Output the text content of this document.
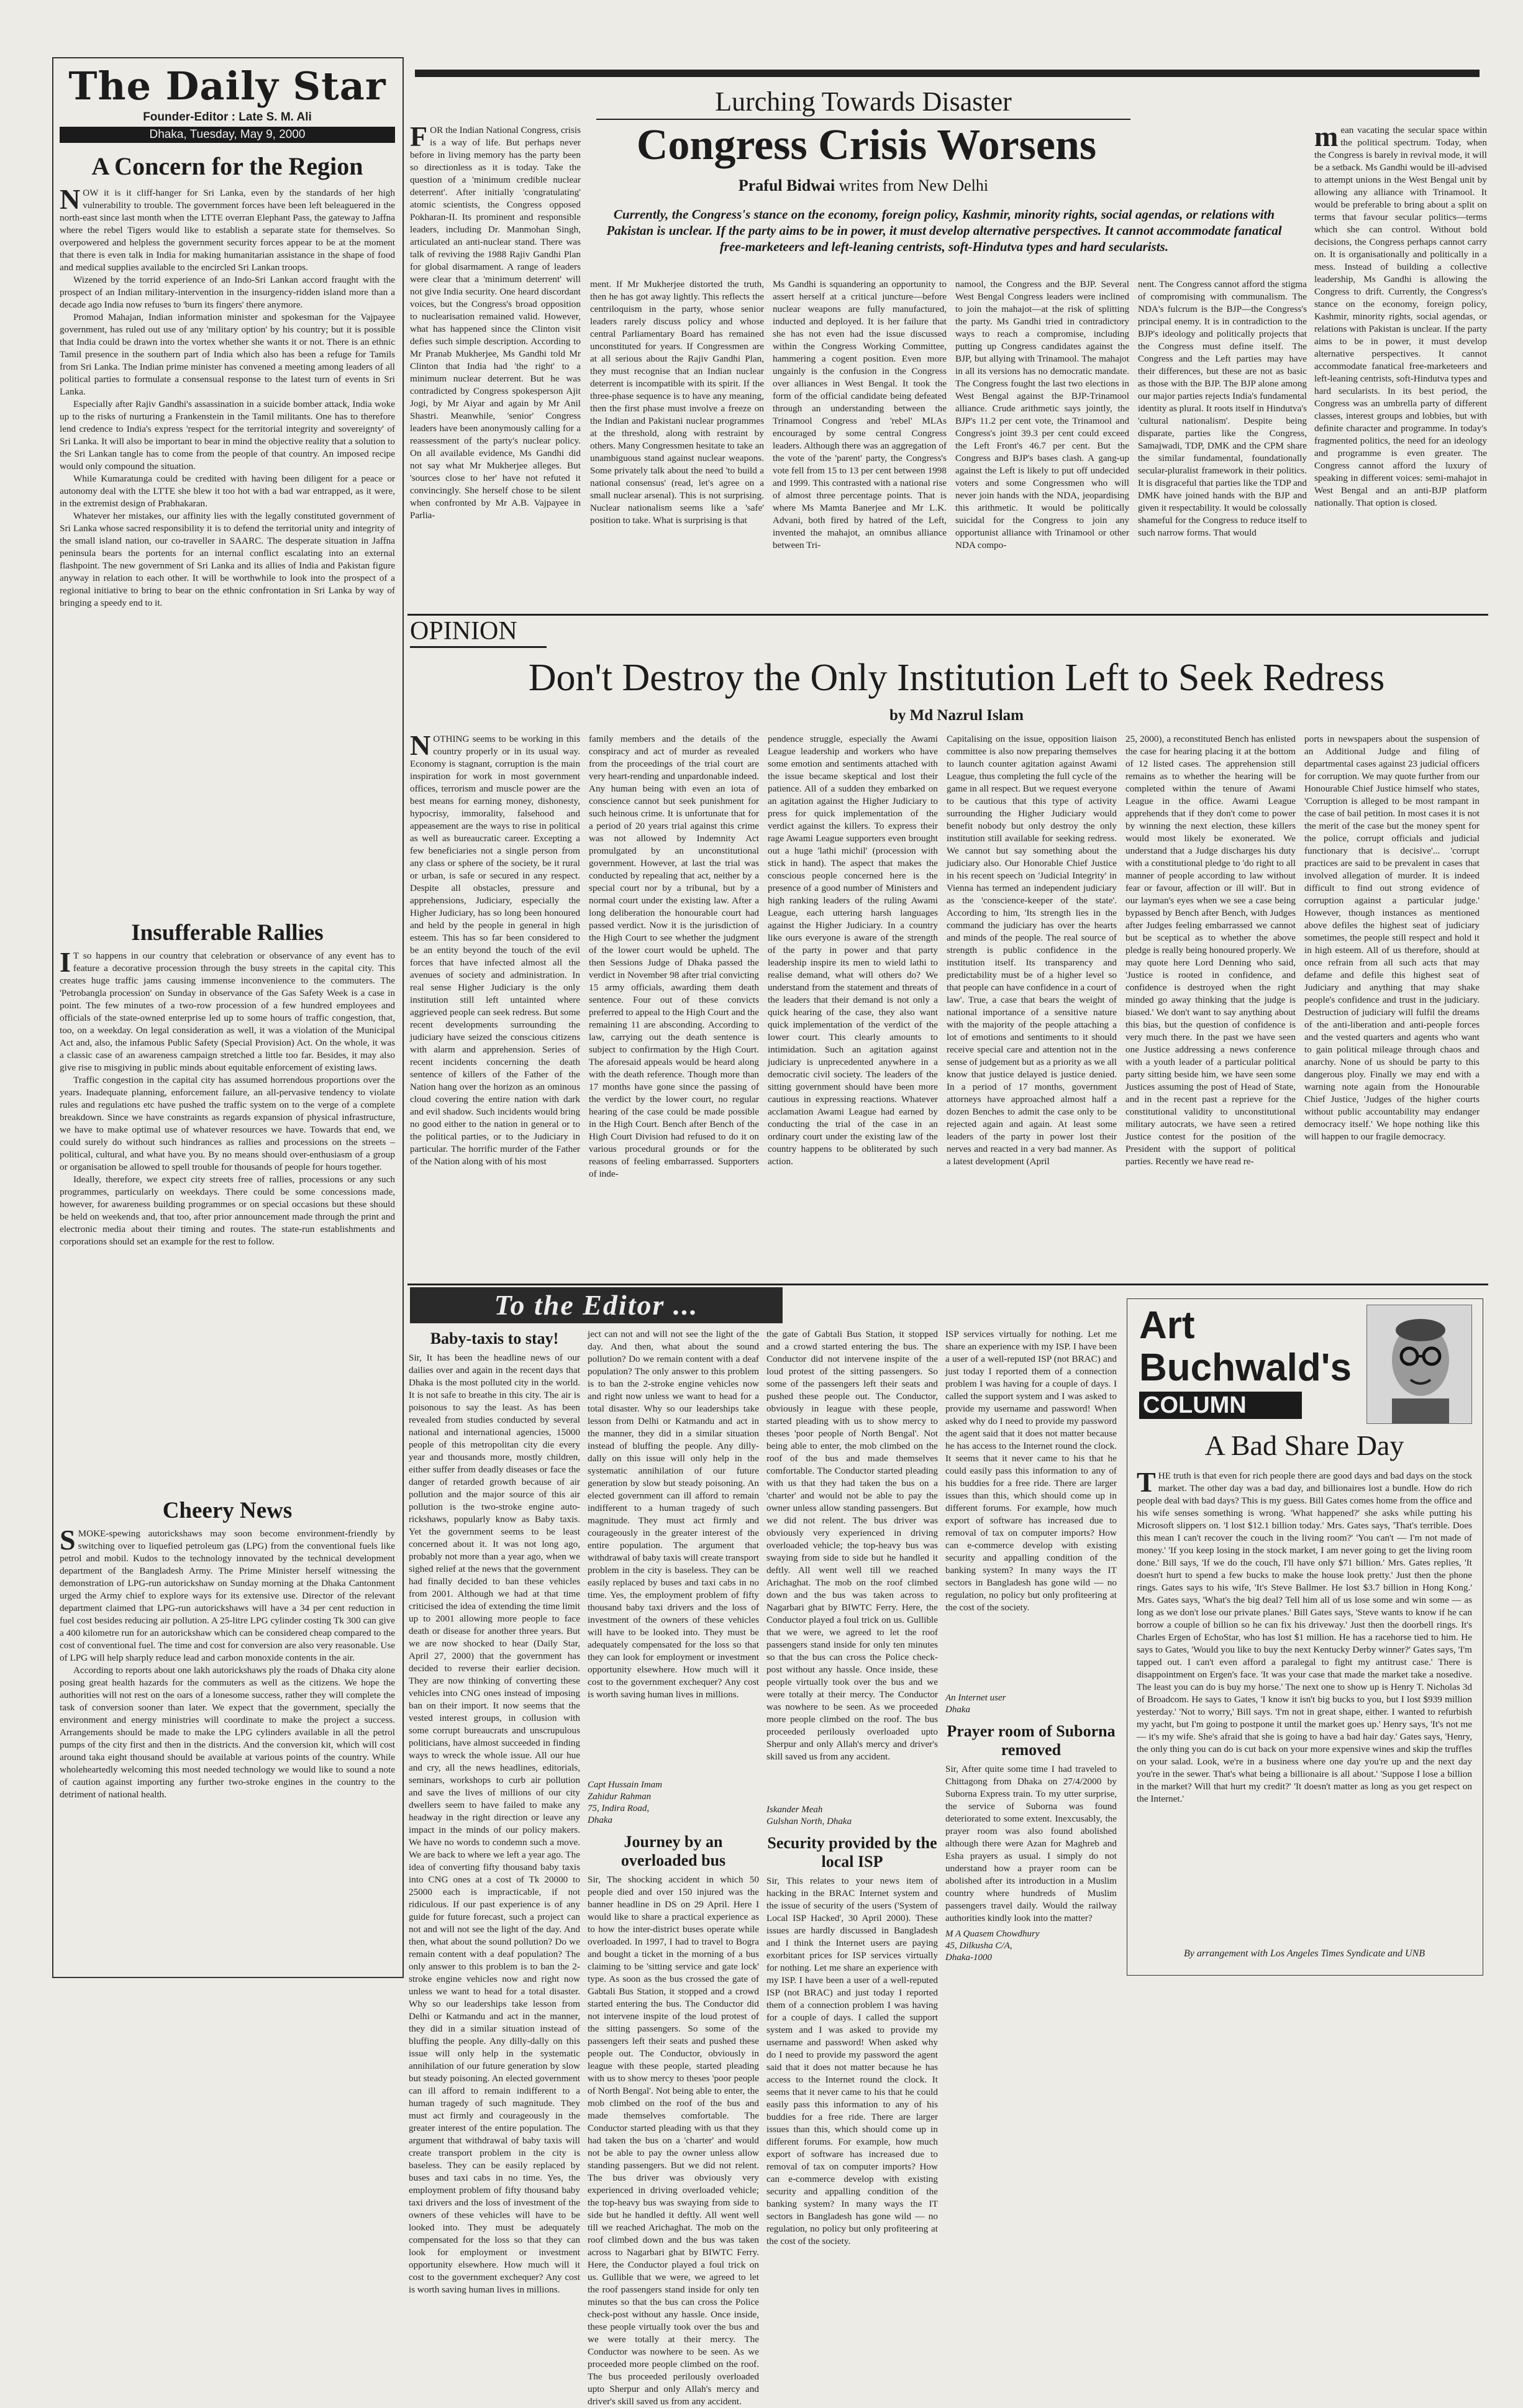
The Daily Star
Founder-Editor : Late S. M. Ali
Dhaka, Tuesday, May 9, 2000
A Concern for the Region

NOW it is it cliff-hanger for Sri Lanka, even by the standards of her high vulnerability to trouble. The government forces have been left beleaguered in the north-east since last month when the LTTE overran Elephant Pass, the gateway to Jaffna where the rebel Tigers would like to establish a separate state for themselves. So overpowered and helpless the government security forces appear to be at the moment that there is even talk in India for making humanitarian assistance in the shape of food and medical supplies available to the encircled Sri Lankan troops.

Wizened by the torrid experience of an Indo-Sri Lankan accord fraught with the prospect of an Indian military-intervention in the insurgency-ridden island more than a decade ago India now refuses to 'burn its fingers' there anymore.

Promod Mahajan, Indian information minister and spokesman for the Vajpayee government, has ruled out use of any 'military option' by his country; but it is possible that India could be drawn into the vortex whether she wants it or not. There is an ethnic Tamil presence in the southern part of India which also has been a refuge for Tamils from Sri Lanka. The Indian prime minister has convened a meeting among leaders of all political parties to formulate a consensual response to the latest turn of events in Sri Lanka.

Especially after Rajiv Gandhi's assassination in a suicide bomber attack, India woke up to the risks of nurturing a Frankenstein in the Tamil militants. One has to therefore lend credence to India's express 'respect for the territorial integrity and sovereignty' of Sri Lanka. It will also be important to bear in mind the objective reality that a solution to the Sri Lankan tangle has to come from the people of that country. An imposed recipe would only compound the situation.

While Kumaratunga could be credited with having been diligent for a peace or autonomy deal with the LTTE she blew it too hot with a bad war entrapped, as it were, in the extremist design of Prabhakaran.

Whatever her mistakes, our affinity lies with the legally constituted government of Sri Lanka whose sacred responsibility it is to defend the territorial unity and integrity of the small island nation, our co-traveller in SAARC. The desperate situation in Jaffna peninsula bears the portents for an internal conflict escalating into an external flashpoint. The new government of Sri Lanka and its allies of India and Pakistan figure anyway in relation to each other. It will be worthwhile to look into the prospect of a regional initiative to bring to bear on the ethnic confrontation in Sri Lanka by way of bringing a speedy end to it.

Insufferable Rallies

IT so happens in our country that celebration or observance of any event has to feature a decorative procession through the busy streets in the capital city. This creates huge traffic jams causing immense inconvenience to the commuters. The 'Petrobangla procession' on Sunday in observance of the Gas Safety Week is a case in point. The few minutes of a two-row procession of a few hundred employees and officials of the state-owned enterprise led up to some hours of traffic congestion, that, too, on a weekday. On legal consideration as well, it was a violation of the Municipal Act and, also, the infamous Public Safety (Special Provision) Act. On the whole, it was a classic case of an awareness campaign stretched a little too far. Besides, it may also give rise to misgiving in public minds about equitable enforcement of existing laws.

Traffic congestion in the capital city has assumed horrendous proportions over the years. Inadequate planning, enforcement failure, an all-pervasive tendency to violate rules and regulations etc have pushed the traffic system on to the verge of a complete breakdown. Since we have constraints as regards expansion of physical infrastructure, we have to make optimal use of whatever resources we have. Towards that end, we could surely do without such hindrances as rallies and processions on the streets – political, cultural, and what have you. By no means should over-enthusiasm of a group or organisation be allowed to spell trouble for thousands of people for hours together.

Ideally, therefore, we expect city streets free of rallies, processions or any such programmes, particularly on weekdays. There could be some concessions made, however, for awareness building programmes or on special occasions but these should be held on weekends and, that too, after prior announcement made through the print and electronic media about their timing and routes. The state-run establishments and corporations should set an example for the rest to follow.

Cheery News

SMOKE-spewing autorickshaws may soon become environment-friendly by switching over to liquefied petroleum gas (LPG) from the conventional fuels like petrol and mobil. Kudos to the technology innovated by the technical development department of the Bangladesh Army. The Prime Minister herself witnessing the demonstration of LPG-run autorickshaw on Sunday morning at the Dhaka Cantonment urged the Army chief to explore ways for its extensive use. Director of the relevant department claimed that LPG-run autorickshaws will have a 34 per cent reduction in fuel cost besides reducing air pollution. A 25-litre LPG cylinder costing Tk 300 can give a 400 kilometre run for an autorickshaw which can be considered cheap compared to the cost of conventional fuel. The time and cost for conversion are also very reasonable. Use of LPG will help sharply reduce lead and carbon monoxide contents in the air.

According to reports about one lakh autorickshaws ply the roads of Dhaka city alone posing great health hazards for the commuters as well as the citizens. We hope the authorities will not rest on the oars of a lonesome success, rather they will complete the task of conversion sooner than later. We expect that the government, specially the environment and energy ministries will coordinate to make the project a success. Arrangements should be made to make the LPG cylinders available in all the petrol pumps of the city first and then in the districts. And the conversion kit, which will cost around taka eight thousand should be available at various points of the country. While wholeheartedly welcoming this most needed technology we would like to sound a note of caution against importing any further two-stroke engines in the country to the detriment of national health.

Lurching Towards Disaster
Congress Crisis Worsens
Praful Bidwai writes from New Delhi
Currently, the Congress's stance on the economy, foreign policy, Kashmir, minority rights, social agendas, or relations with Pakistan is unclear. If the party aims to be in power, it must develop alternative perspectives. It cannot accommodate fanatical free-marketeers and left-leaning centrists, soft-Hindutva types and hard secularists.

FOR the Indian National Congress, crisis is a way of life. But perhaps never before in living memory has the party been so directionless as it is today. Take the question of a 'minimum credible nuclear deterrent'. After initially 'congratulating' atomic scientists, the Congress opposed Pokharan-II. Its prominent and responsible leaders, including Dr. Manmohan Singh, articulated an anti-nuclear stand. There was talk of reviving the 1988 Rajiv Gandhi Plan for global disarmament. A range of leaders were clear that a 'minimum deterrent' will not give India security. One heard discordant voices, but the Congress's broad opposition to nuclearisation remained valid. However, what has happened since the Clinton visit defies such simple description. According to Mr Pranab Mukherjee, Ms Gandhi told Mr Clinton that India had 'the right' to a minimum nuclear deterrent. But he was contradicted by Congress spokesperson Ajit Jogi, by Mr Aiyar and again by Mr Anil Shastri. Meanwhile, 'senior' Congress leaders have been anonymously calling for a reassessment of the party's nuclear policy. On all available evidence, Ms Gandhi did not say what Mr Mukherjee alleges. But 'sources close to her' have not refuted it convincingly. She herself chose to be silent when confronted by Mr A.B. Vajpayee in Parlia-

mean vacating the secular space within the political spectrum. Today, when the Congress is barely in revival mode, it will be a setback. Ms Gandhi would be ill-advised to attempt unions in the West Bengal unit by allowing any alliance with Trinamool. It would be preferable to bring about a split on terms that favour secular politics—terms which she can control. Without bold decisions, the Congress perhaps cannot carry on. It is organisationally and politically in a mess. Instead of building a collective leadership, Ms Gandhi is allowing the Congress to drift. Currently, the Congress's stance on the economy, foreign policy, Kashmir, minority rights, social agendas, or relations with Pakistan is unclear. If the party aims to be in power, it must develop alternative perspectives. It cannot accommodate fanatical free-marketeers and left-leaning centrists, soft-Hindutva types and hard secularists. In its best period, the Congress was an umbrella party of different classes, interest groups and lobbies, but with definite character and programme. In today's fragmented politics, the need for an ideology and programme is even greater. The Congress cannot afford the luxury of speaking in different voices: semi-mahajot in West Bengal and an anti-BJP platform nationally. That option is closed.

ment. If Mr Mukherjee distorted the truth, then he has got away lightly. This reflects the centriloquism in the party, whose senior leaders rarely discuss policy and whose central Parliamentary Board has remained unconstituted for years. If Congressmen are at all serious about the Rajiv Gandhi Plan, they must recognise that an Indian nuclear deterrent is incompatible with its spirit. If the three-phase sequence is to have any meaning, then the first phase must involve a freeze on the Indian and Pakistani nuclear programmes at the threshold, along with restraint by others. Many Congressmen hesitate to take an unambiguous stand against nuclear weapons. Some privately talk about the need 'to build a national consensus' (read, let's agree on a small nuclear arsenal). This is not surprising. Nuclear nationalism seems like a 'safe' position to take. What is surprising is that

Ms Gandhi is squandering an opportunity to assert herself at a critical juncture—before nuclear weapons are fully manufactured, inducted and deployed. It is her failure that she has not even had the issue discussed within the Congress Working Committee, hammering a cogent position. Even more ungainly is the confusion in the Congress over alliances in West Bengal. It took the form of the official candidate being defeated through an understanding between the Trinamool Congress and 'rebel' MLAs encouraged by some central Congress leaders. Although there was an aggregation of the vote of the 'parent' party, the Congress's vote fell from 15 to 13 per cent between 1998 and 1999. This contrasted with a national rise of almost three percentage points. That is where Ms Mamta Banerjee and Mr L.K. Advani, both fired by hatred of the Left, invented the mahajot, an omnibus alliance between Tri-

namool, the Congress and the BJP. Several West Bengal Congress leaders were inclined to join the mahajot—at the risk of splitting the party. Ms Gandhi tried in contradictory ways to reach a compromise, including putting up Congress candidates against the BJP, but allying with Trinamool. The mahajot in all its versions has no democratic mandate. The Congress fought the last two elections in West Bengal against the BJP-Trinamool alliance. Crude arithmetic says jointly, the BJP's 11.2 per cent vote, the Trinamool and Congress's joint 39.3 per cent could exceed the Left Front's 46.7 per cent. But the Congress and BJP's bases clash. A gang-up against the Left is likely to put off undecided voters and some Congressmen who will never join hands with the NDA, jeopardising this arithmetic. It would be politically suicidal for the Congress to join any opportunist alliance with Trinamool or other NDA compo-

nent. The Congress cannot afford the stigma of compromising with communalism. The NDA's fulcrum is the BJP—the Congress's principal enemy. It is in contradiction to the BJP's ideology and politically projects that the Congress must define itself. The Congress and the Left parties may have their differences, but these are not as basic as those with the BJP. The BJP alone among our major parties rejects India's fundamental identity as plural. It roots itself in Hindutva's 'cultural nationalism'. Despite being disparate, parties like the Congress, Samajwadi, TDP, DMK and the CPM share the similar fundamental, foundationally secular-pluralist framework in their politics. It is disgraceful that parties like the TDP and DMK have joined hands with the BJP and given it respectability. It would be colossally shameful for the Congress to reduce itself to such narrow forms. That would

OPINION
Don't Destroy the Only Institution Left to Seek Redress
by Md Nazrul Islam

NOTHING seems to be working in this country properly or in its usual way. Economy is stagnant, corruption is the main inspiration for work in most government offices, terrorism and muscle power are the best means for earning money, dishonesty, hypocrisy, immorality, falsehood and appeasement are the ways to rise in political as well as bureaucratic career. Excepting a few beneficiaries not a single person from any class or sphere of the society, be it rural or urban, is safe or secured in any respect. Despite all obstacles, pressure and apprehensions, Judiciary, especially the Higher Judiciary, has so long been honoured and held by the people in general in high esteem. This has so far been considered to be an entity beyond the touch of the evil forces that have infected almost all the avenues of society and administration. In real sense Higher Judiciary is the only institution still left untainted where aggrieved people can seek redress. But some recent developments surrounding the judiciary have seized the conscious citizens with alarm and apprehension. Series of recent incidents concerning the death sentence of killers of the Father of the Nation hang over the horizon as an ominous cloud covering the entire nation with dark and evil shadow. Such incidents would bring no good either to the nation in general or to the political parties, or to the Judiciary in particular. The horrific murder of the Father of the Nation along with of his most

family members and the details of the conspiracy and act of murder as revealed from the proceedings of the trial court are very heart-rending and unpardonable indeed. Any human being with even an iota of conscience cannot but seek punishment for such heinous crime. It is unfortunate that for a period of 20 years trial against this crime was not allowed by Indemnity Act promulgated by an unconstitutional government. However, at last the trial was conducted by repealing that act, neither by a special court nor by a tribunal, but by a normal court under the existing law. After a long deliberation the honourable court had passed verdict. Now it is the jurisdiction of the High Court to see whether the judgment of the lower court would be upheld. The then Sessions Judge of Dhaka passed the verdict in November 98 after trial convicting 15 army officials, awarding them death sentence. Four out of these convicts preferred to appeal to the High Court and the remaining 11 are absconding. According to law, carrying out the death sentence is subject to confirmation by the High Court. The aforesaid appeals would be heard along with the death reference. Though more than 17 months have gone since the passing of the verdict by the lower court, no regular hearing of the case could be made possible in the High Court. Bench after Bench of the High Court Division had refused to do it on various procedural grounds or for the reasons of feeling embarrassed. Supporters of inde-

pendence struggle, especially the Awami League leadership and workers who have some emotion and sentiments attached with the issue became skeptical and lost their patience. All of a sudden they embarked on an agitation against the Higher Judiciary to press for quick implementation of the verdict against the killers. To express their rage Awami League supporters even brought out a huge 'lathi michil' (procession with stick in hand). The aspect that makes the conscious people concerned here is the presence of a good number of Ministers and high ranking leaders of the ruling Awami League, each uttering harsh languages against the Higher Judiciary. In a country like ours everyone is aware of the strength of the party in power and that party leadership inspire its men to wield lathi to realise demand, what will others do? We understand from the statement and threats of the leaders that their demand is not only a quick hearing of the case, they also want quick implementation of the verdict of the lower court. This clearly amounts to intimidation. Such an agitation against judiciary is unprecedented anywhere in a democratic civil society. The leaders of the sitting government should have been more cautious in expressing reactions. Whatever acclamation Awami League had earned by conducting the trial of the case in an ordinary court under the existing law of the country happens to be obliterated by such action.

Capitalising on the issue, opposition liaison committee is also now preparing themselves to launch counter agitation against Awami League, thus completing the full cycle of the game in all respect. But we request everyone to be cautious that this type of activity surrounding the Higher Judiciary would benefit nobody but only destroy the only institution still available for seeking redress. We cannot but say something about the judiciary also. Our Honorable Chief Justice in his recent speech on 'Judicial Integrity' in Vienna has termed an independent judiciary as the 'conscience-keeper of the state'. According to him, 'Its strength lies in the command the judiciary has over the hearts and minds of the people. The real source of strength is public confidence in the institution itself. Its transparency and predictability must be of a higher level so that people can have confidence in a court of law'. True, a case that bears the weight of national importance of a sensitive nature with the majority of the people attaching a lot of emotions and sentiments to it should receive special care and attention not in the sense of judgement but as a priority as we all know that justice delayed is justice denied. In a period of 17 months, government attorneys have approached almost half a dozen Benches to admit the case only to be rejected again and again. At least some leaders of the party in power lost their nerves and reacted in a very bad manner. As a latest development (April

25, 2000), a reconstituted Bench has enlisted the case for hearing placing it at the bottom of 12 listed cases. The apprehension still remains as to whether the hearing will be completed within the tenure of Awami League in the office. Awami League apprehends that if they don't come to power by winning the next election, these killers would most likely be exonerated. We understand that a Judge discharges his duty with a constitutional pledge to 'do right to all manner of people according to law without fear or favour, affection or ill will'. But in our layman's eyes when we see a case being bypassed by Bench after Bench, with Judges after Judges feeling embarrassed we cannot but be sceptical as to whether the above pledge is really being honoured properly. We may quote here Lord Denning who said, 'Justice is rooted in confidence, and confidence is destroyed when the right minded go away thinking that the judge is biased.' We don't want to say anything about this bias, but the question of confidence is very much there. In the past we have seen one Justice addressing a news conference with a youth leader of a particular political party sitting beside him, we have seen some Justices assuming the post of Head of State, and in the recent past a reprieve for the constitutional validity to unconstitutional military autocrats, we have seen a retired Justice contest for the position of the President with the support of political parties. Recently we have read re-

ports in newspapers about the suspension of an Additional Judge and filing of departmental cases against 23 judicial officers for corruption. We may quote further from our Honourable Chief Justice himself who states, 'Corruption is alleged to be most rampant in the case of bail petition. In most cases it is not the merit of the case but the money spent for the police, corrupt officials and judicial functionary that is decisive'... 'corrupt practices are said to be prevalent in cases that involved allegation of murder. It is indeed difficult to find out strong evidence of corruption against a particular judge.' However, though instances as mentioned above defiles the highest seat of judiciary sometimes, the people still respect and hold it in high esteem. All of us therefore, should at once refrain from all such acts that may defame and defile this highest seat of Judiciary and anything that may shake people's confidence and trust in the judiciary. Destruction of judiciary will fulfil the dreams of the anti-liberation and anti-people forces and the vested quarters and agents who want to gain political mileage through chaos and anarchy. None of us should be party to this dangerous ploy. Finally we may end with a warning note again from the Honourable Chief Justice, 'Judges of the higher courts without public accountability may endanger democracy itself.' We hope nothing like this will happen to our fragile democracy.

To the Editor ...
Baby-taxis to stay!
Sir, It has been the headline news of our dailies over and again in the recent days that Dhaka is the most polluted city in the world. It is not safe to breathe in this city. The air is poisonous to say the least. As has been revealed from studies conducted by several national and international agencies, 15000 people of this metropolitan city die every year and thousands more, mostly children, either suffer from deadly diseases or face the danger of retarded growth because of air pollution and the major source of this air pollution is the two-stroke engine auto-rickshaws, popularly know as Baby taxis. Yet the government seems to be least concerned about it. It was not long ago, probably not more than a year ago, when we sighed relief at the news that the government had finally decided to ban these vehicles from 2001. Although we had at that time criticised the idea of extending the time limit up to 2001 allowing more people to face death or disease for another three years. But we are now shocked to hear (Daily Star, April 27, 2000) that the government has decided to reverse their earlier decision. They are now thinking of converting these vehicles into CNG ones instead of imposing ban on their import. It now seems that the vested interest groups, in collusion with some corrupt bureaucrats and unscrupulous politicians, have almost succeeded in finding ways to wreck the whole issue. All our hue and cry, all the news headlines, editorials, seminars, workshops to curb air pollution and save the lives of millions of our city dwellers seem to have failed to make any headway in the right direction or leave any impact in the minds of our policy makers. We have no words to condemn such a move. We are back to where we left a year ago. The idea of converting fifty thousand baby taxis into CNG ones at a cost of Tk 20000 to 25000 each is impracticable, if not ridiculous. If our past experience is of any guide for future forecast, such a project can not and will not see the light of the day. And then, what about the sound pollution? Do we remain content with a deaf population? The only answer to this problem is to ban the 2-stroke engine vehicles now and right now unless we want to head for a total disaster. Why so our leaderships take lesson from Delhi or Katmandu and act in the manner, they did in a similar situation instead of bluffing the people. Any dilly-dally on this issue will only help in the systematic annihilation of our future generation by slow but steady poisoning. An elected government can ill afford to remain indifferent to a human tragedy of such magnitude. They must act firmly and courageously in the greater interest of the entire population. The argument that withdrawal of baby taxis will create transport problem in the city is baseless. They can be easily replaced by buses and taxi cabs in no time. Yes, the employment problem of fifty thousand baby taxi drivers and the loss of investment of the owners of these vehicles will have to be looked into. They must be adequately compensated for the loss so that they can look for employment or investment opportunity elsewhere. How much will it cost to the government exchequer? Any cost is worth saving human lives in millions.
ject can not and will not see the light of the day. And then, what about the sound pollution? Do we remain content with a deaf population? The only answer to this problem is to ban the 2-stroke engine vehicles now and right now unless we want to head for a total disaster. Why so our leaderships take lesson from Delhi or Katmandu and act in the manner, they did in a similar situation instead of bluffing the people. Any dilly-dally on this issue will only help in the systematic annihilation of our future generation by slow but steady poisoning. An elected government can ill afford to remain indifferent to a human tragedy of such magnitude. They must act firmly and courageously in the greater interest of the entire population. The argument that withdrawal of baby taxis will create transport problem in the city is baseless. They can be easily replaced by buses and taxi cabs in no time. Yes, the employment problem of fifty thousand baby taxi drivers and the loss of investment of the owners of these vehicles will have to be looked into. They must be adequately compensated for the loss so that they can look for employment or investment opportunity elsewhere. How much will it cost to the government exchequer? Any cost is worth saving human lives in millions.
Capt Hussain Imam
Zahidur Rahman
75, Indira Road,
Dhaka
Journey by an overloaded bus
Sir, The shocking accident in which 50 people died and over 150 injured was the banner headline in DS on 29 April. Here I would like to share a practical experience as to how the inter-district buses operate while overloaded. In 1997, I had to travel to Bogra and bought a ticket in the morning of a bus claiming to be 'sitting service and gate lock' type. As soon as the bus crossed the gate of Gabtali Bus Station, it stopped and a crowd started entering the bus. The Conductor did not intervene inspite of the loud protest of the sitting passengers. So some of the passengers left their seats and pushed these people out. The Conductor, obviously in league with these people, started pleading with us to show mercy to theses 'poor people of North Bengal'. Not being able to enter, the mob climbed on the roof of the bus and made themselves comfortable. The Conductor started pleading with us that they had taken the bus on a 'charter' and would not be able to pay the owner unless allow standing passengers. But we did not relent. The bus driver was obviously very experienced in driving overloaded vehicle; the top-heavy bus was swaying from side to side but he handled it deftly. All went well till we reached Arichaghat. The mob on the roof climbed down and the bus was taken across to Nagarbari ghat by BIWTC Ferry. Here, the Conductor played a foul trick on us. Gullible that we were, we agreed to let the roof passengers stand inside for only ten minutes so that the bus can cross the Police check-post without any hassle. Once inside, these people virtually took over the bus and we were totally at their mercy. The Conductor was nowhere to be seen. As we proceeded more people climbed on the roof. The bus proceeded perilously overloaded upto Sherpur and only Allah's mercy and driver's skill saved us from any accident.
the gate of Gabtali Bus Station, it stopped and a crowd started entering the bus. The Conductor did not intervene inspite of the loud protest of the sitting passengers. So some of the passengers left their seats and pushed these people out. The Conductor, obviously in league with these people, started pleading with us to show mercy to theses 'poor people of North Bengal'. Not being able to enter, the mob climbed on the roof of the bus and made themselves comfortable. The Conductor started pleading with us that they had taken the bus on a 'charter' and would not be able to pay the owner unless allow standing passengers. But we did not relent. The bus driver was obviously very experienced in driving overloaded vehicle; the top-heavy bus was swaying from side to side but he handled it deftly. All went well till we reached Arichaghat. The mob on the roof climbed down and the bus was taken across to Nagarbari ghat by BIWTC Ferry. Here, the Conductor played a foul trick on us. Gullible that we were, we agreed to let the roof passengers stand inside for only ten minutes so that the bus can cross the Police check-post without any hassle. Once inside, these people virtually took over the bus and we were totally at their mercy. The Conductor was nowhere to be seen. As we proceeded more people climbed on the roof. The bus proceeded perilously overloaded upto Sherpur and only Allah's mercy and driver's skill saved us from any accident.
Iskander Meah
Gulshan North, Dhaka
Security provided by the local ISP
Sir, This relates to your news item of hacking in the BRAC Internet system and the issue of security of the users ('System of Local ISP Hacked', 30 April 2000). These issues are hardly discussed in Bangladesh and I think the Internet users are paying exorbitant prices for ISP services virtually for nothing. Let me share an experience with my ISP. I have been a user of a well-reputed ISP (not BRAC) and just today I reported them of a connection problem I was having for a couple of days. I called the support system and I was asked to provide my username and password! When asked why do I need to provide my password the agent said that it does not matter because he has access to the Internet round the clock. It seems that it never came to his that he could easily pass this information to any of his buddies for a free ride. There are larger issues than this, which should come up in different forums. For example, how much export of software has increased due to removal of tax on computer imports? How can e-commerce develop with existing security and appalling condition of the banking system? In many ways the IT sectors in Bangladesh has gone wild — no regulation, no policy but only profiteering at the cost of the society.
ISP services virtually for nothing. Let me share an experience with my ISP. I have been a user of a well-reputed ISP (not BRAC) and just today I reported them of a connection problem I was having for a couple of days. I called the support system and I was asked to provide my username and password! When asked why do I need to provide my password the agent said that it does not matter because he has access to the Internet round the clock. It seems that it never came to his that he could easily pass this information to any of his buddies for a free ride. There are larger issues than this, which should come up in different forums. For example, how much export of software has increased due to removal of tax on computer imports? How can e-commerce develop with existing security and appalling condition of the banking system? In many ways the IT sectors in Bangladesh has gone wild — no regulation, no policy but only profiteering at the cost of the society.
An Internet user
Dhaka
Prayer room of Suborna removed
Sir, After quite some time I had traveled to Chittagong from Dhaka on 27/4/2000 by Suborna Express train. To my utter surprise, the service of Suborna was found deteriorated to some extent. Inexcusably, the prayer room was also found abolished although there were Azan for Maghreb and Esha prayers as usual. I simply do not understand how a prayer room can be abolished after its introduction in a Muslim country where hundreds of Muslim passengers travel daily. Would the railway authorities kindly look into the matter?
M A Quasem Chowdhury
45, Dilkusha C/A,
Dhaka-1000
Art
Buchwald's
COLUMN
A Bad Share Day

THE truth is that even for rich people there are good days and bad days on the stock market. The other day was a bad day, and billionaires lost a bundle. How do rich people deal with bad days? This is my guess. Bill Gates comes home from the office and his wife senses something is wrong. 'What happened?' she asks while putting his Microsoft slippers on. 'I lost $12.1 billion today.' Mrs. Gates says, 'That's terrible. Does this mean I can't recover the couch in the living room?' 'You can't — I'm not made of money.' 'If you keep losing in the stock market, I am never going to get the living room done.' Bill says, 'If we do the couch, I'll have only $71 billion.' Mrs. Gates replies, 'It doesn't hurt to spend a few bucks to make the house look pretty.' Just then the phone rings. Gates says to his wife, 'It's Steve Ballmer. He lost $3.7 billion in Hong Kong.' Mrs. Gates says, 'What's the big deal? Tell him all of us lose some and win some — as long as we don't lose our private planes.' Bill Gates says, 'Steve wants to know if he can borrow a couple of billion so he can fix his driveway.' Just then the doorbell rings. It's Charles Ergen of EchoStar, who has lost $1 million. He has a racehorse tied to him. He says to Gates, 'Would you like to buy the next Kentucky Derby winner?' Gates says, 'I'm tapped out. I can't even afford a paralegal to fight my antitrust case.' There is disappointment on Ergen's face. 'It was your case that made the market take a nosedive. The least you can do is buy my horse.' The next one to show up is Henry T. Nicholas 3d of Broadcom. He says to Gates, 'I know it isn't big bucks to you, but I lost $939 million yesterday.' 'Not to worry,' Bill says. 'I'm not in great shape, either. I wanted to refurbish my yacht, but I'm going to postpone it until the market goes up.' Henry says, 'It's not me — it's my wife. She's afraid that she is going to have a bad hair day.' Gates says, 'Henry, the only thing you can do is cut back on your more expensive wines and skip the truffles on your salad. Look, we're in a business where one day you're up and the next day you're in the sewer. That's what being a billionaire is all about.' 'Suppose I lose a billion in the market? Will that hurt my credit?' 'It doesn't matter as long as you get respect on the Internet.'

By arrangement with Los Angeles Times Syndicate and UNB
